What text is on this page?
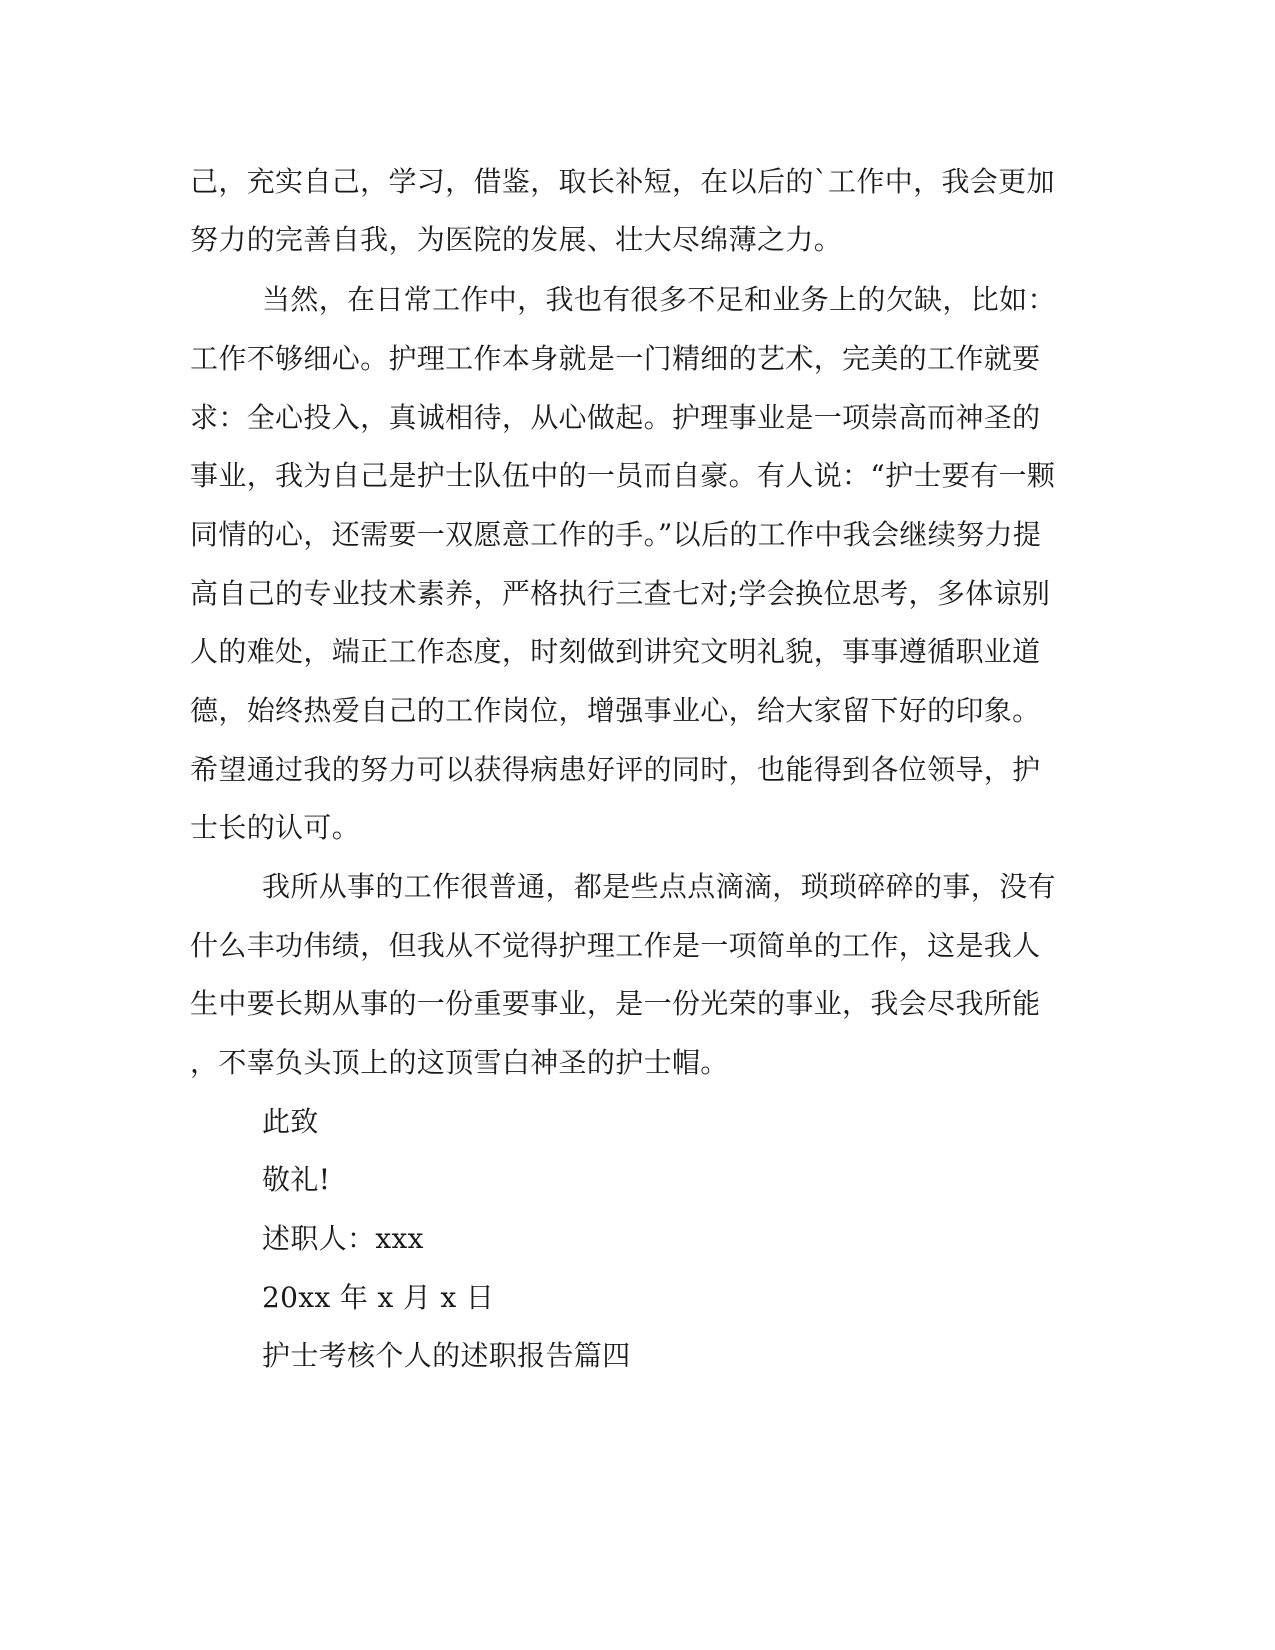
己，充实自己，学习，借鉴，取长补短，在以后的`工作中，我会更加
努力的完善自我，为医院的发展、壮大尽绵薄之力。
当然，在日常工作中，我也有很多不足和业务上的欠缺，比如：
工作不够细心。护理工作本身就是一门精细的艺术，完美的工作就要
求：全心投入，真诚相待，从心做起。护理事业是一项崇高而神圣的
事业，我为自己是护士队伍中的一员而自豪。有人说：“护士要有一颗
同情的心，还需要一双愿意工作的手。”以后的工作中我会继续努力提
高自己的专业技术素养，严格执行三查七对;学会换位思考，多体谅别
人的难处，端正工作态度，时刻做到讲究文明礼貌，事事遵循职业道
德，始终热爱自己的工作岗位，增强事业心，给大家留下好的印象。
希望通过我的努力可以获得病患好评的同时，也能得到各位领导，护
士长的认可。
我所从事的工作很普通，都是些点点滴滴，琐琐碎碎的事，没有
什么丰功伟绩，但我从不觉得护理工作是一项简单的工作，这是我人
生中要长期从事的一份重要事业，是一份光荣的事业，我会尽我所能
，不辜负头顶上的这顶雪白神圣的护士帽。
此致
敬礼!
述职人：xxx
20xx 年 x 月 x 日
护士考核个人的述职报告篇四
